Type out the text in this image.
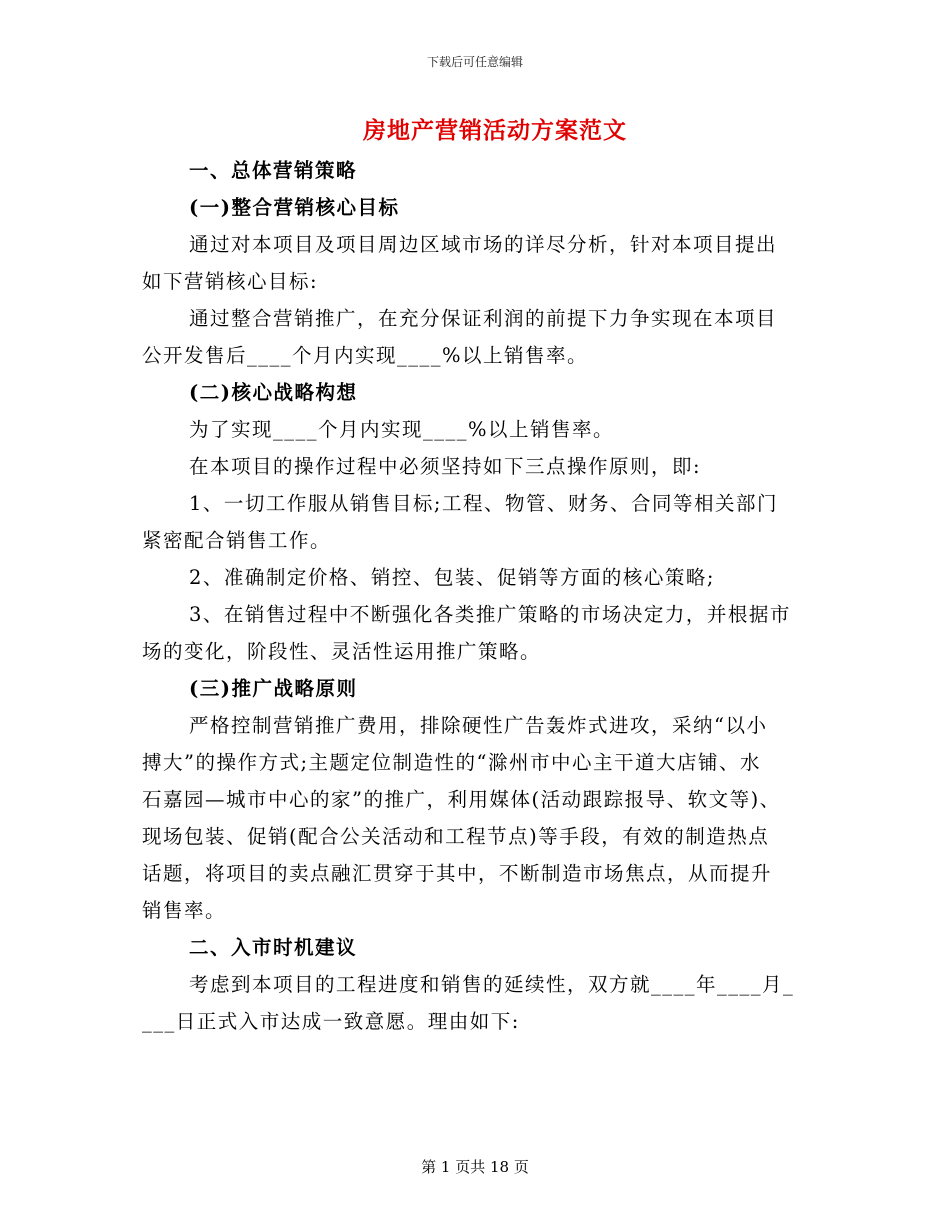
下载后可任意编辑
房地产营销活动方案范文
一、总体营销策略
(一)整合营销核心目标
通过对本项目及项目周边区域市场的详尽分析，针对本项目提出
如下营销核心目标:
通过整合营销推广，在充分保证利润的前提下力争实现在本项目
公开发售后____个月内实现____%以上销售率。
(二)核心战略构想
为了实现____个月内实现____%以上销售率。
在本项目的操作过程中必须坚持如下三点操作原则，即:
1、一切工作服从销售目标;工程、物管、财务、合同等相关部门
紧密配合销售工作。
2、准确制定价格、销控、包装、促销等方面的核心策略;
3、在销售过程中不断强化各类推广策略的市场决定力，并根据市
场的变化，阶段性、灵活性运用推广策略。
(三)推广战略原则
严格控制营销推广费用，排除硬性广告轰炸式进攻，采纳“以小
搏大”的操作方式;主题定位制造性的“滁州市中心主干道大店铺、水
石嘉园—城市中心的家”的推广，利用媒体(活动跟踪报导、软文等)、
现场包装、促销(配合公关活动和工程节点)等手段，有效的制造热点
话题，将项目的卖点融汇贯穿于其中，不断制造市场焦点，从而提升
销售率。
二、入市时机建议
考虑到本项目的工程进度和销售的延续性，双方就____年____月_
___日正式入市达成一致意愿。理由如下:
第 1 页共 18 页
